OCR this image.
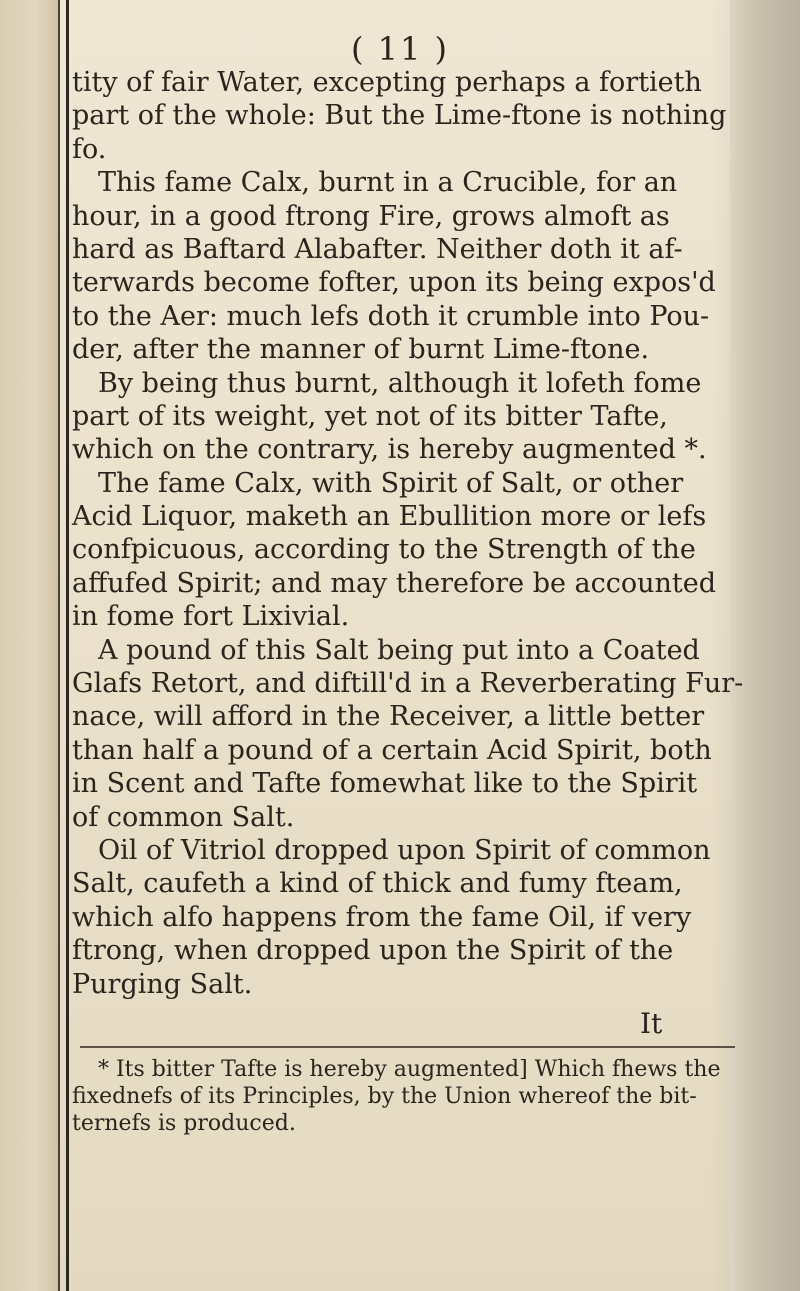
( 11 )
tity of fair Water, excepting perhaps a fortieth
part of the whole: But the Lime-ftone is nothing
fo.
This fame Calx, burnt in a Crucible, for an
hour, in a good ftrong Fire, grows almoft as
hard as Baftard Alabafter. Neither doth it af-
terwards become fofter, upon its being expos'd
to the Aer: much lefs doth it crumble into Pou-
der, after the manner of burnt Lime-ftone.
By being thus burnt, although it lofeth fome
part of its weight, yet not of its bitter Tafte,
which on the contrary, is hereby augmented *.
The fame Calx, with Spirit of Salt, or other
Acid Liquor, maketh an Ebullition more or lefs
confpicuous, according to the Strength of the
affufed Spirit; and may therefore be accounted
in fome fort Lixivial.
A pound of this Salt being put into a Coated
Glafs Retort, and diftill'd in a Reverberating Fur-
nace, will afford in the Receiver, a little better
than half a pound of a certain Acid Spirit, both
in Scent and Tafte fomewhat like to the Spirit
of common Salt.
Oil of Vitriol dropped upon Spirit of common
Salt, caufeth a kind of thick and fumy fteam,
which alfo happens from the fame Oil, if very
ftrong, when dropped upon the Spirit of the
Purging Salt.
It
* Its bitter Tafte is hereby augmented] Which fhews the
fixednefs of its Principles, by the Union whereof the bit-
ternefs is produced.
